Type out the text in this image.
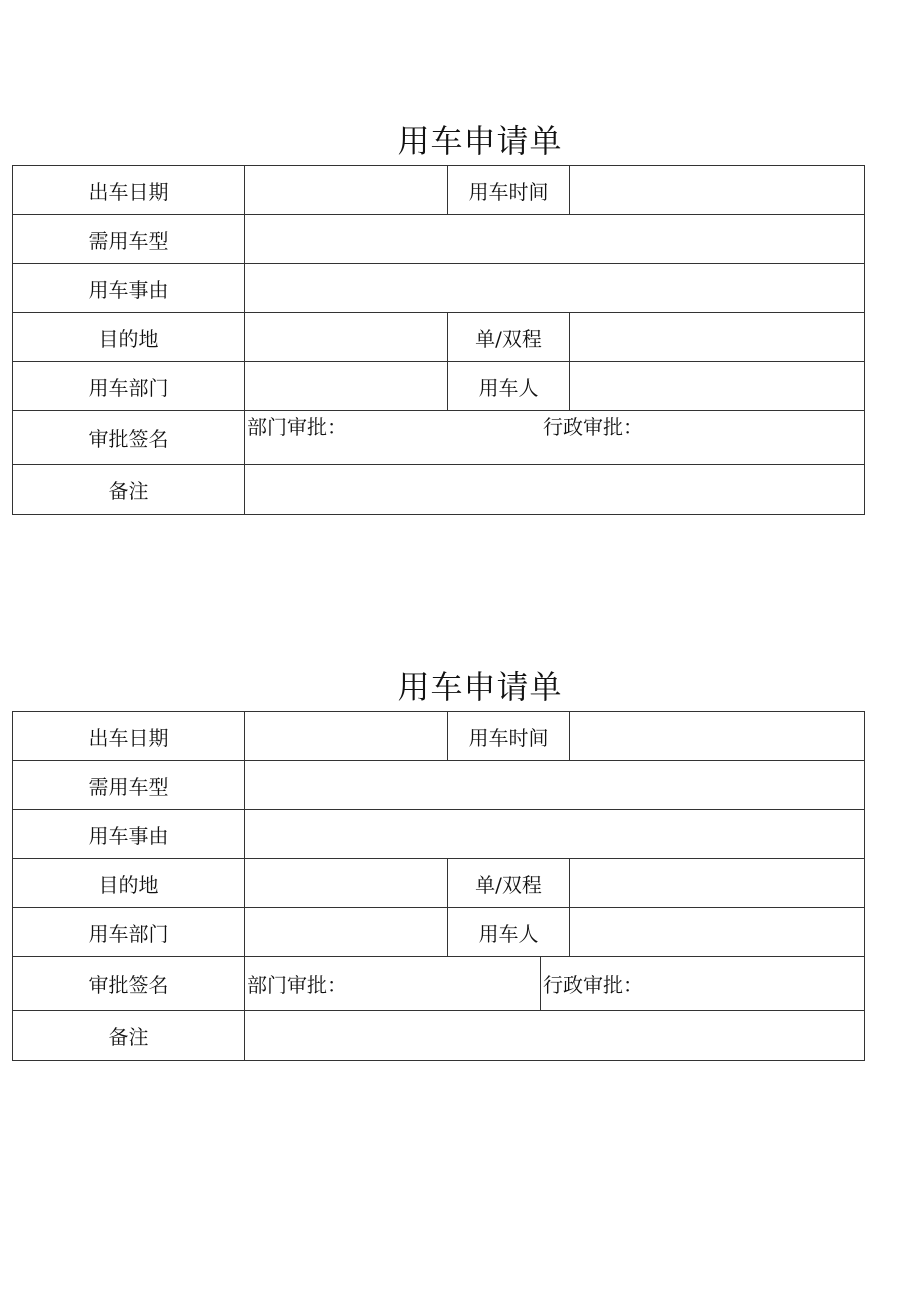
用车申请单
出车日期		用车时间	
需用车型			
用车事由			
目的地		单/双程	
用车部门		用车人	
审批签名	部门审批： 行政审批：		

备注			
用车申请单
出车日期		用车时间		
需用车型				
用车事由				
目的地		单/双程		
用车部门		用车人		
审批签名	部门审批：		行政审批：	
备注				
